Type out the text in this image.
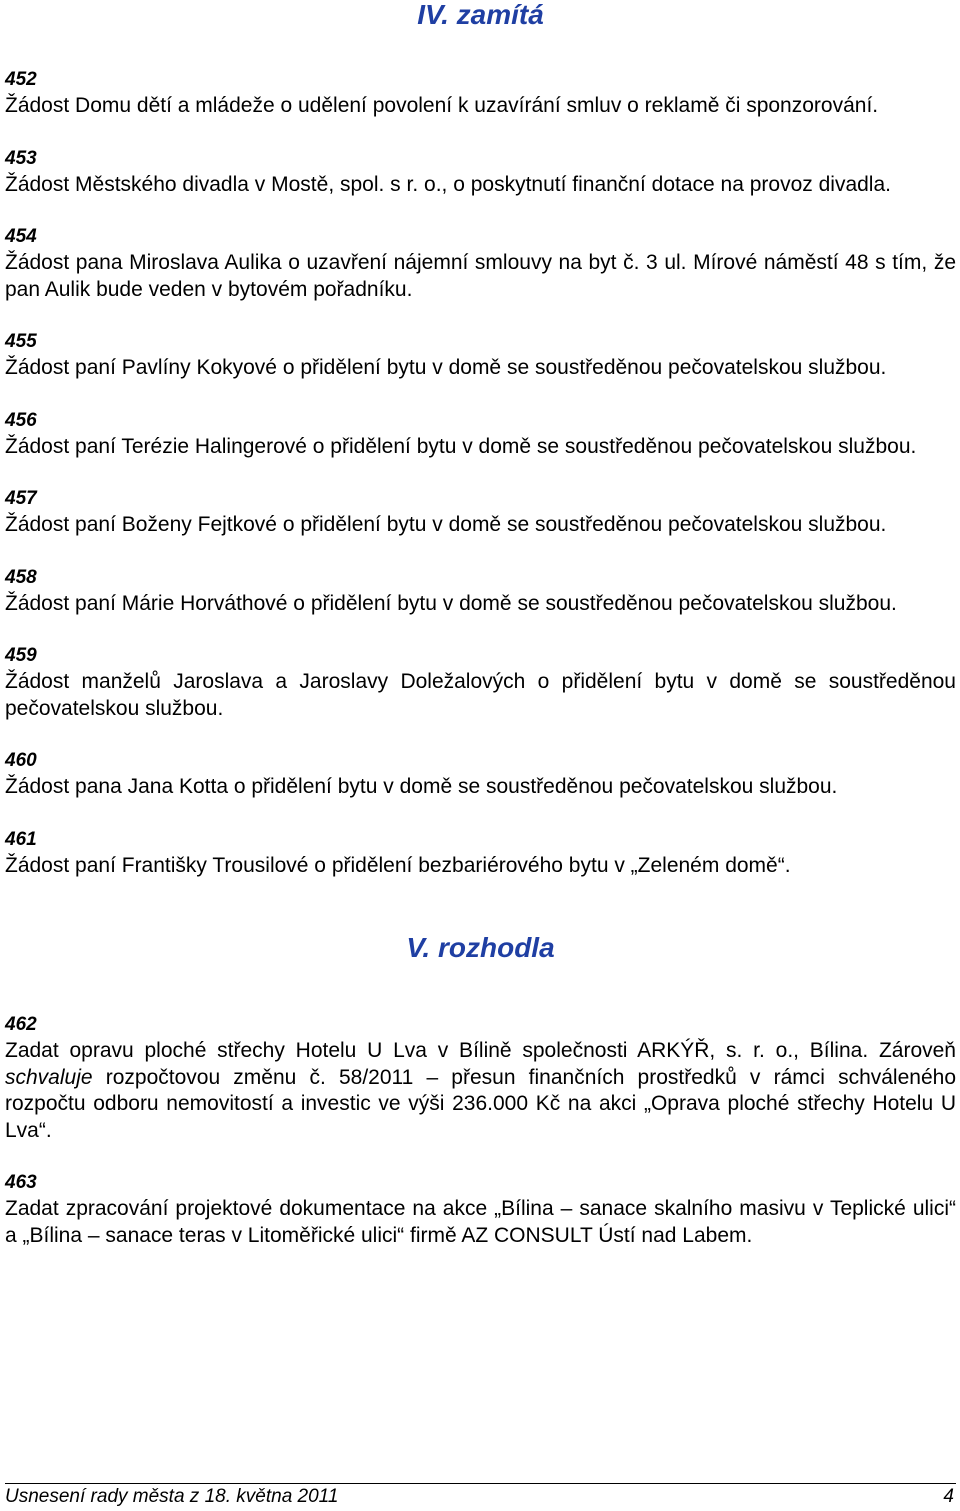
IV. zamítá
452
Žádost Domu dětí a mládeže o udělení povolení k uzavírání smluv o reklamě či sponzorování.
453
Žádost Městského divadla v Mostě, spol. s r. o., o poskytnutí finanční dotace na provoz divadla.
454
Žádost pana Miroslava Aulika o uzavření nájemní smlouvy na byt č. 3 ul. Mírové náměstí 48 s tím, že pan Aulik bude veden v bytovém pořadníku.
455
Žádost paní Pavlíny Kokyové o přidělení bytu v domě se soustředěnou pečovatelskou službou.
456
Žádost paní Terézie Halingerové o přidělení bytu v domě se soustředěnou pečovatelskou službou.
457
Žádost paní Boženy Fejtkové o přidělení bytu v domě se soustředěnou pečovatelskou službou.
458
Žádost paní Márie Horváthové o přidělení bytu v domě se soustředěnou pečovatelskou službou.
459
Žádost manželů Jaroslava a Jaroslavy Doležalových o přidělení bytu v domě se soustředěnou pečovatelskou službou.
460
Žádost pana Jana Kotta o přidělení bytu v domě se soustředěnou pečovatelskou službou.
461
Žádost paní Františky Trousilové o přidělení bezbariérového bytu v „Zeleném domě“.
V. rozhodla
462
Zadat opravu ploché střechy Hotelu U Lva v Bílině společnosti ARKÝŘ, s. r. o., Bílina. Zároveň schvaluje rozpočtovou změnu č. 58/2011 – přesun finančních prostředků v rámci schváleného rozpočtu odboru nemovitostí a investic ve výši 236.000 Kč na akci „Oprava ploché střechy Hotelu U Lva“.
463
Zadat zpracování projektové dokumentace na akce „Bílina – sanace skalního masivu v Teplické ulici“ a „Bílina – sanace teras v Litoměřické ulici“ firmě AZ CONSULT Ústí nad Labem.
Usnesení rady města z 18. května 2011	4
